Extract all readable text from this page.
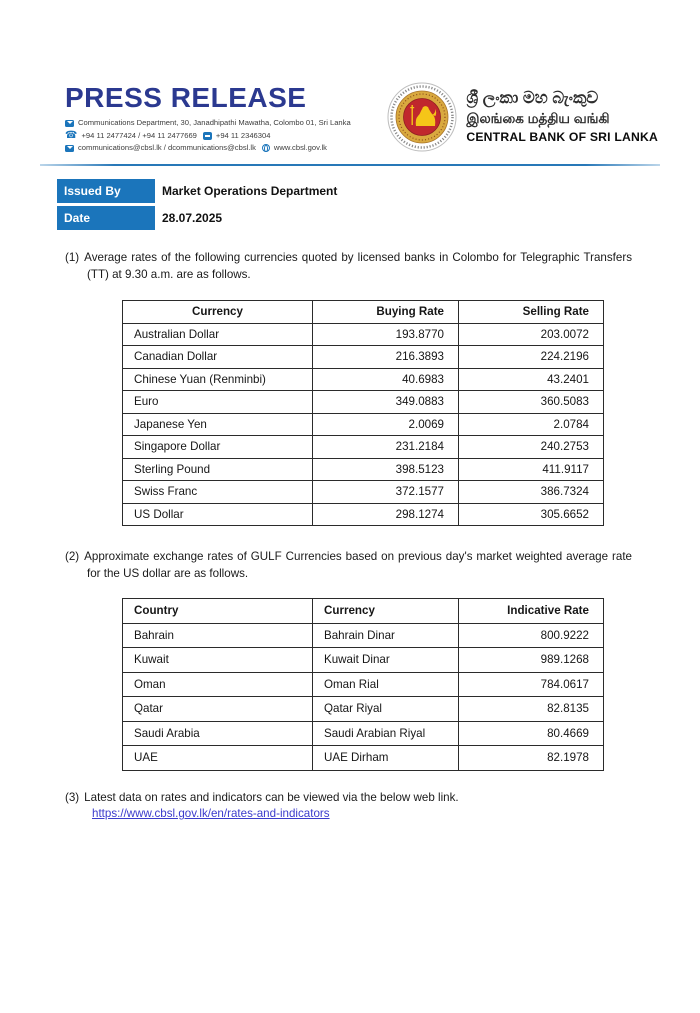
PRESS RELEASE
Communications Department, 30, Janadhipathi Mawatha, Colombo 01, Sri Lanka
☎ +94 11 2477424 / +94 11 2477669	+94 11 2346304
communications@cbsl.lk / dcommunications@cbsl.lk www.cbsl.gov.lk
ශ්‍රී ලංකා මහ බැංකුව
இலங்கை மத்திய வங்கி
CENTRAL BANK OF SRI LANKA
Issued By	Market Operations Department
Date	28.07.2025
(1) Average rates of the following currencies quoted by licensed banks in Colombo for Telegraphic Transfers (TT) at 9.30 a.m. are as follows.
Currency	Buying Rate	Selling Rate
Australian Dollar	193.8770	203.0072
Canadian Dollar	216.3893	224.2196
Chinese Yuan (Renminbi)	40.6983	43.2401
Euro	349.0883	360.5083
Japanese Yen	2.0069	2.0784
Singapore Dollar	231.2184	240.2753
Sterling Pound	398.5123	411.9117
Swiss Franc	372.1577	386.7324
US Dollar	298.1274	305.6652
(2) Approximate exchange rates of GULF Currencies based on previous day's market weighted average rate for the US dollar are as follows.
Country	Currency	Indicative Rate
Bahrain	Bahrain Dinar	800.9222
Kuwait	Kuwait Dinar	989.1268
Oman	Oman Rial	784.0617
Qatar	Qatar Riyal	82.8135
Saudi Arabia	Saudi Arabian Riyal	80.4669
UAE	UAE Dirham	82.1978
(3) Latest data on rates and indicators can be viewed via the below web link.
https://www.cbsl.gov.lk/en/rates-and-indicators
